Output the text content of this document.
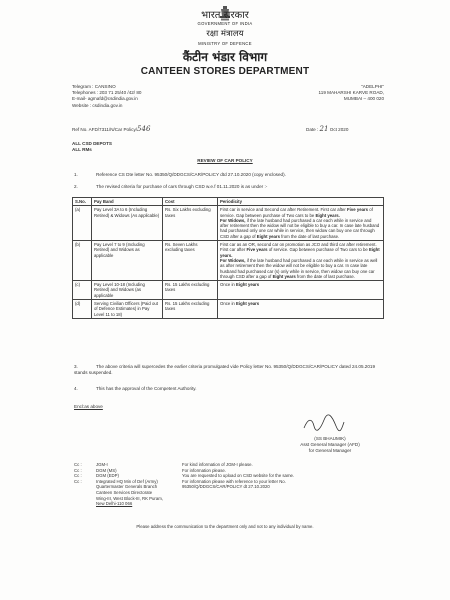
भारत सरकार
GOVERNMENT OF INDIA
रक्षा मंत्रालय
MINISTRY OF DEFENCE
कैंटीन भंडार विभाग
CANTEEN STORES DEPARTMENT
Telegram : CANSINO
Telephones : 203 71 25/40 /42/ 80
E-mail- agmafd@csdindia.gov.in
Website : csdindia.gov.in
"ADELPHI"
119 MAHARSHI KARVE ROAD,
MUMBAI – 400 020
Ref No. AFD/7311/N/Car Policy/546	Date : 21 Oct 2020
ALL CSD DEPOTS
ALL RMs
REVIEW OF CAR POLICY
1.	Reference CS Dte letter No. 95350/Q/DDGCS/CAR/POLICY dtd 27.10.2020 (copy enclosed).
2.	The revised criteria for purchase of cars through CSD w.e.f 01.11.2020 is as under :-
S.No.	Pay Band	Cost	Periodicity
(a)	Pay Level 3A to 6 (Including Retired) & Widows (As applicable)	Rs. Six Lakhs excluding taxes	First car in service and Second car after Retirement. First car after Five years of service. Gap between purchase of Two cars to be Eight years.
For Widows, if the late husband had purchased a car each while in service and after retirement then the widow will not be eligible to buy a car. In case late husband had purchased only one car while in service, then widow can buy one car through CSD after a gap of Eight years from the date of last purchase.

(b)	Pay Level 7 to 9 (Including Retired) and Widows as applicable	Rs. Seven Lakhs excluding taxes	First car as an OR, second car on promotion as JCO and third car after retirement. First car after Five years of service. Gap between purchase of Two cars to be Eight years.
For Widows, if the late husband had purchased a car each while in service as well as after retirement then the widow will not be eligible to buy a car. In case late husband had purchased car (s) only while in service, then widow can buy one car through CSD after a gap of Eight years from the date of last purchase.

(c)	Pay Level 10-18 (Including Retired) and Widows (as applicable	Rs. 15 Lakhs excluding taxes	Once in Eight years
(d)	Serving Civilian Officers (Paid out of Defence Estimates) in Pay Level 11 to 18)	Rs. 15 Lakhs excluding taxes	Once in Eight years
3.	The above criteria will supercedes the earlier criteria promulgated vide Policy letter No. 95350/Q/DDGCS/CAR/POLICY dated 24.05.2019 stands suspended.
4.	This has the approval of the Competent Authority.
Encl:as above
(SS BHAUMIK)
Asst General Manager (AFD)
for General Manager
Cc :	JGM-I	For kind information of JGM-I please.
Cc :	DGM (MS)	For information please.
Cc :	DGM (EDP)	You are requested to upload on CSD website for the same.
Cc :	Integrated HQ Min of Def (Army)	For information please with reference to your letter No.
Quartermaster Generals Branch	95350/Q/DDGCS/CAR/POLICY dt 27.10.2020
Canteen Services Directorate
Wing-III, West Block-III, RK Puram,
New Delhi-110 066
Please address the communication to the department only and not to any individual by name.
